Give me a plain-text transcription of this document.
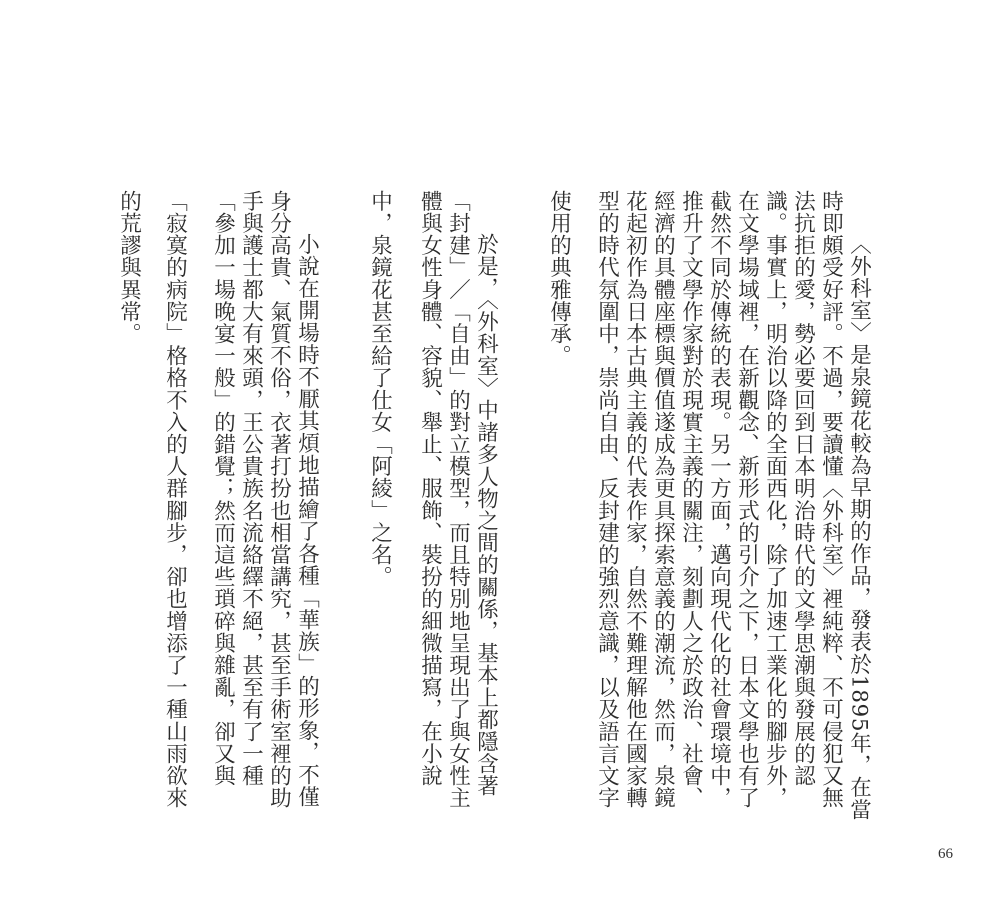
〈外科室〉是泉鏡花較為早期的作品，發表於1895年，在當

時即頗受好評。不過，要讀懂〈外科室〉裡純粹、不可侵犯又無

法抗拒的愛，勢必要回到日本明治時代的文學思潮與發展的認

識。事實上，明治以降的全面西化，除了加速工業化的腳步外，

在文學場域裡，在新觀念、新形式的引介之下，日本文學也有了

截然不同於傳統的表現。另一方面，邁向現代化的社會環境中，

推升了文學作家對於現實主義的關注，刻劃人之於政治、社會、

經濟的具體座標與價值遂成為更具探索意義的潮流，然而，泉鏡

花起初作為日本古典主義的代表作家，自然不難理解他在國家轉

型的時代氛圍中，崇尚自由、反封建的強烈意識，以及語言文字

使用的典雅傳承。

於是，〈外科室〉中諸多人物之間的關係，基本上都隱含著

「封建」／「自由」的對立模型，而且特別地呈現出了與女性主

體與女性身體、容貌、舉止、服飾、裝扮的細微描寫，在小說

中，泉鏡花甚至給了仕女「阿綾」之名。

小說在開場時不厭其煩地描繪了各種「華族」的形象，不僅

身分高貴、氣質不俗，衣著打扮也相當講究，甚至手術室裡的助

手與護士都大有來頭，王公貴族名流絡繹不絕，甚至有了一種

「參加一場晚宴一般」的錯覺；然而這些瑣碎與雜亂，卻又與

「寂寞的病院」格格不入的人群腳步，卻也增添了一種山雨欲來

的荒謬與異常。

66
